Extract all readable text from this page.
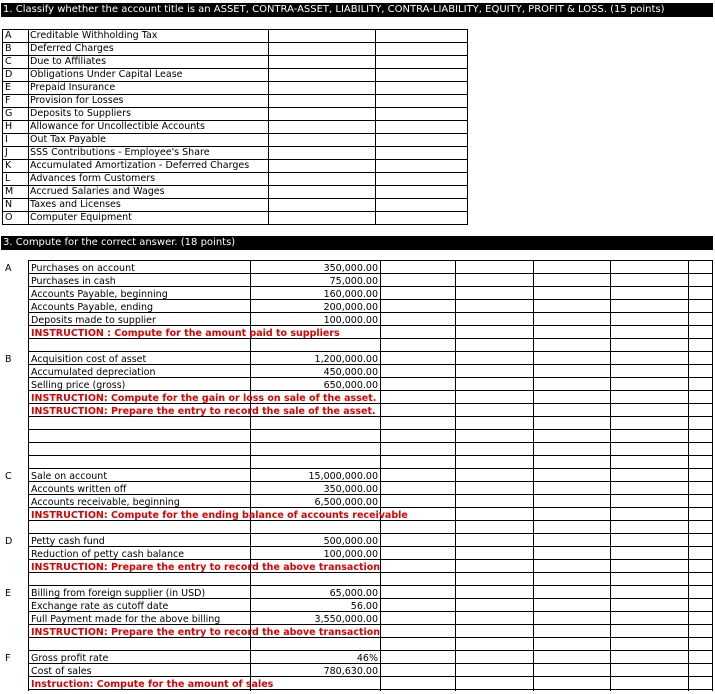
1. Classify whether the account title is an ASSET, CONTRA-ASSET, LIABILITY, CONTRA-LIABILITY, EQUITY, PROFIT & LOSS. (15 points)
3. Compute for the correct answer. (18 points)
A Creditable Withholding Tax
B Deferred Charges
C Due to Affiliates
D Obligations Under Capital Lease
E Prepaid Insurance
F Provision for Losses
G Deposits to Suppliers
H Allowance for Uncollectible Accounts
I Out Tax Payable
J SSS Contributions - Employee's Share
K Accumulated Amortization - Deferred Charges
L Advances form Customers
M Accrued Salaries and Wages
N Taxes and Licenses
O Computer Equipment
A Purchases on account	350,000.00
Purchases in cash	75,000.00
Accounts Payable, beginning	160,000.00
Accounts Payable, ending	200,000.00
Deposits made to supplier	100,000.00
INSTRUCTION : Compute for the amount paid to suppliers
B Acquisition cost of asset	1,200,000.00
Accumulated depreciation	450,000.00
Selling price (gross)	650,000.00
INSTRUCTION: Compute for the gain or loss on sale of the asset.
INSTRUCTION: Prepare the entry to record the sale of the asset.
C Sale on account	15,000,000.00
Accounts written off	350,000.00
Accounts receivable, beginning	6,500,000.00
INSTRUCTION: Compute for the ending balance of accounts receivable
D Petty cash fund	500,000.00
Reduction of petty cash balance	100,000.00
INSTRUCTION: Prepare the entry to record the above transaction
E Billing from foreign supplier (in USD)	65,000.00
Exchange rate as cutoff date	56.00
Full Payment made for the above billing	3,550,000.00
INSTRUCTION: Prepare the entry to record the above transaction
F Gross profit rate	46%
Cost of sales	780,630.00
Instruction: Compute for the amount of sales
